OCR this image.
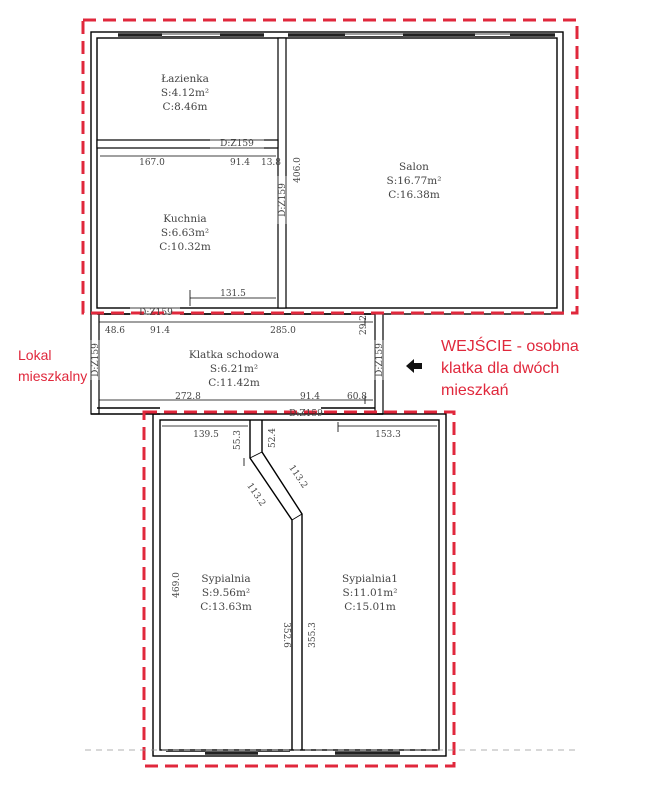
Łazienka
S:4.12m²
C:8.46m
Kuchnia
S:6.63m²
C:10.32m
Salon
S:16.77m²
C:16.38m
Klatka schodowa
S:6.21m²
C:11.42m
Sypialnia
S:9.56m²
C:13.63m
Sypialnia1
S:11.01m²
C:15.01m
D:Z159
D:Z159
D:Z159
D:Z159	D:Z159
D:Z159
167.0	91.4 13.8 406.0
131.5
48.6	91.4	285.0	29.2
272.8	91.4	60.8
139.5 55.3	52.4	153.3
113.2
113.2
469.0
352.6 355.3
Lokal
mieszkalny
WEJŚCIE - osobna
klatka dla dwóch
mieszkań
